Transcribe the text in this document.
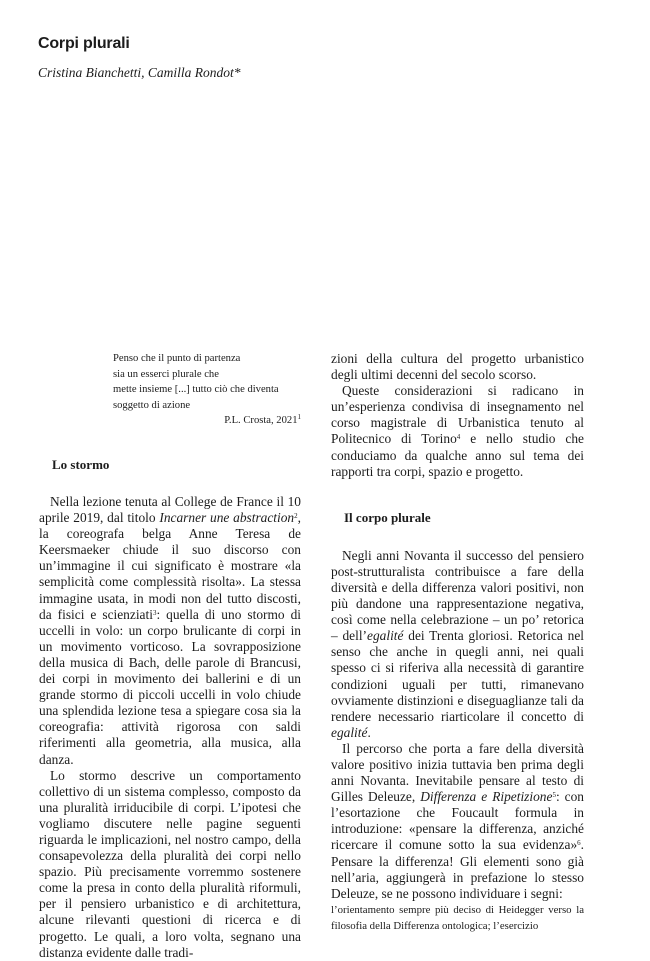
Corpi plurali
Cristina Bianchetti, Camilla Rondot*
Penso che il punto di partenza
sia un esserci plurale che
mette insieme [...] tutto ciò che diventa
soggetto di azione
P.L. Crosta, 2021$^1$
Lo stormo

Nella lezione tenuta al College de France il 10 aprile 2019, dal titolo Incarner une abstraction$^2$, la coreografa belga Anne Teresa de Keersmaeker chiude il suo discorso con un’immagine il cui significato è mostrare «la semplicità come complessità risolta». La stessa immagine usata, in modi non del tutto discosti, da fisici e scienziati$^3$: quella di uno stormo di uccelli in volo: un corpo brulicante di corpi in un movimento vorticoso. La sovrapposizione della musica di Bach, delle parole di Brancusi, dei corpi in movimento dei ballerini e di un grande stormo di piccoli uccelli in volo chiude una splendida lezione tesa a spiegare cosa sia la coreografia: attività rigorosa con saldi riferimenti alla geometria, alla musica, alla danza.

Lo stormo descrive un comportamento collettivo di un sistema complesso, composto da una pluralità irriducibile di corpi. L’ipotesi che vogliamo discutere nelle pagine seguenti riguarda le implicazioni, nel nostro campo, della consapevolezza della pluralità dei corpi nello spazio. Più precisamente vorremmo sostenere come la presa in conto della pluralità riformuli, per il pensiero urbanistico e di architettura, alcune rilevanti questioni di ricerca e di progetto. Le quali, a loro volta, segnano una distanza evidente dalle tradi-

zioni della cultura del progetto urbanistico degli ultimi decenni del secolo scorso.

Queste considerazioni si radicano in un’esperienza condivisa di insegnamento nel corso magistrale di Urbanistica tenuto al Politecnico di Torino$^4$ e nello studio che conduciamo da qualche anno sul tema dei rapporti tra corpi, spazio e progetto.

Il corpo plurale

Negli anni Novanta il successo del pensiero post-strutturalista contribuisce a fare della diversità e della differenza valori positivi, non più dandone una rappresentazione negativa, così come nella celebrazione – un po’ retorica – dell’egalité dei Trenta gloriosi. Retorica nel senso che anche in quegli anni, nei quali spesso ci si riferiva alla necessità di garantire condizioni uguali per tutti, rimanevano ovviamente distinzioni e diseguaglianze tali da rendere necessario riarticolare il concetto di egalité.

Il percorso che porta a fare della diversità valore positivo inizia tuttavia ben prima degli anni Novanta. Inevitabile pensare al testo di Gilles Deleuze, Differenza e Ripetizione$^5$: con l’esortazione che Foucault formula in introduzione: «pensare la differenza, anziché ricercare il comune sotto la sua evidenza»$^6$. Pensare la differenza! Gli elementi sono già nell’aria, aggiungerà in prefazione lo stesso Deleuze, se ne possono individuare i segni:

l’orientamento sempre più deciso di Heidegger verso la filosofia della Differenza ontologica; l’esercizio
